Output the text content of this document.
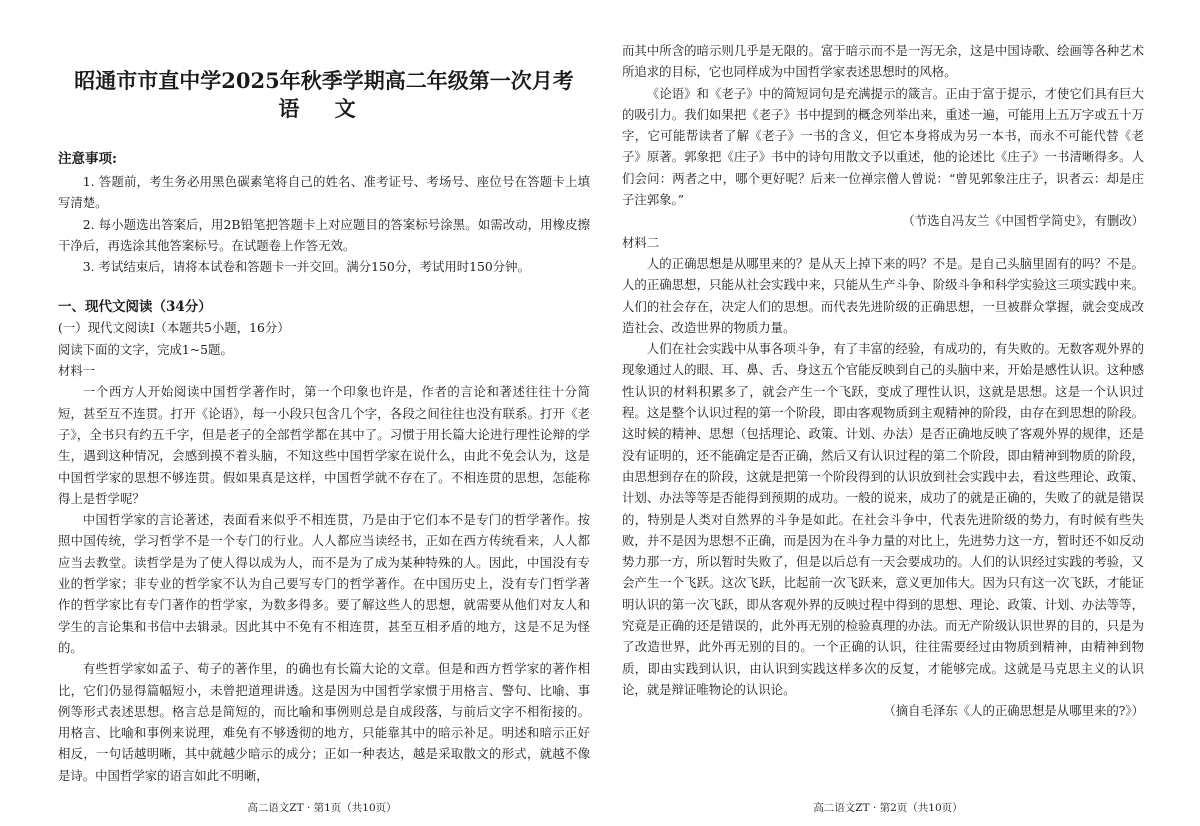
昭通市市直中学2025年秋季学期高二年级第一次月考
语 文
注意事项:

1. 答题前，考生务必用黑色碳素笔将自己的姓名、准考证号、考场号、座位号在答题卡上填写清楚。

2. 每小题选出答案后，用2B铅笔把答题卡上对应题目的答案标号涂黑。如需改动，用橡皮擦干净后，再选涂其他答案标号。在试题卷上作答无效。

3. 考试结束后，请将本试卷和答题卡一并交回。满分150分，考试用时150分钟。

一、现代文阅读（34分）

(一）现代文阅读Ⅰ（本题共5小题，16分）

阅读下面的文字，完成1~5题。

材料一

一个西方人开始阅读中国哲学著作时，第一个印象也许是，作者的言论和著述往往十分简短，甚至互不连贯。打开《论语》，每一小段只包含几个字，各段之间往往也没有联系。打开《老子》，全书只有约五千字，但是老子的全部哲学都在其中了。习惯于用长篇大论进行理性论辩的学生，遇到这种情况，会感到摸不着头脑，不知这些中国哲学家在说什么，由此不免会认为，这是中国哲学家的思想不够连贯。假如果真是这样，中国哲学就不存在了。不相连贯的思想，怎能称得上是哲学呢？

中国哲学家的言论著述，表面看来似乎不相连贯，乃是由于它们本不是专门的哲学著作。按照中国传统，学习哲学不是一个专门的行业。人人都应当读经书，正如在西方传统看来，人人都应当去教堂。读哲学是为了使人得以成为人，而不是为了成为某种特殊的人。因此，中国没有专业的哲学家；非专业的哲学家不认为自己要写专门的哲学著作。在中国历史上，没有专门哲学著作的哲学家比有专门著作的哲学家，为数多得多。要了解这些人的思想，就需要从他们对友人和学生的言论集和书信中去辑录。因此其中不免有不相连贯，甚至互相矛盾的地方，这是不足为怪的。

有些哲学家如孟子、荀子的著作里，的确也有长篇大论的文章。但是和西方哲学家的著作相比，它们仍显得篇幅短小，未曾把道理讲透。这是因为中国哲学家惯于用格言、警句、比喻、事例等形式表述思想。格言总是简短的，而比喻和事例则总是自成段落，与前后文字不相衔接的。用格言、比喻和事例来说理，难免有不够透彻的地方，只能靠其中的暗示补足。明述和暗示正好相反，一句话越明晰，其中就越少暗示的成分；正如一种表达，越是采取散文的形式，就越不像是诗。中国哲学家的语言如此不明晰，

高二语文ZT · 第1页（共10页）

而其中所含的暗示则几乎是无限的。富于暗示而不是一泻无余，这是中国诗歌、绘画等各种艺术所追求的目标，它也同样成为中国哲学家表述思想时的风格。

《论语》和《老子》中的简短词句是充满提示的箴言。正由于富于提示，才使它们具有巨大的吸引力。我们如果把《老子》书中提到的概念列举出来，重述一遍，可能用上五万字或五十万字，它可能帮读者了解《老子》一书的含义，但它本身将成为另一本书，而永不可能代替《老子》原著。郭象把《庄子》书中的诗句用散文予以重述，他的论述比《庄子》一书清晰得多。人们会问：两者之中，哪个更好呢？后来一位禅宗僧人曾说：“曾见郭象注庄子，识者云：却是庄子注郭象。”

（节选自冯友兰《中国哲学简史》，有删改）

材料二

人的正确思想是从哪里来的？是从天上掉下来的吗？不是。是自己头脑里固有的吗？不是。人的正确思想，只能从社会实践中来，只能从生产斗争、阶级斗争和科学实验这三项实践中来。人们的社会存在，决定人们的思想。而代表先进阶级的正确思想，一旦被群众掌握，就会变成改造社会、改造世界的物质力量。

人们在社会实践中从事各项斗争，有了丰富的经验，有成功的，有失败的。无数客观外界的现象通过人的眼、耳、鼻、舌、身这五个官能反映到自己的头脑中来，开始是感性认识。这种感性认识的材料积累多了，就会产生一个飞跃，变成了理性认识，这就是思想。这是一个认识过程。这是整个认识过程的第一个阶段，即由客观物质到主观精神的阶段，由存在到思想的阶段。这时候的精神、思想（包括理论、政策、计划、办法）是否正确地反映了客观外界的规律，还是没有证明的，还不能确定是否正确，然后又有认识过程的第二个阶段，即由精神到物质的阶段，由思想到存在的阶段，这就是把第一个阶段得到的认识放到社会实践中去，看这些理论、政策、计划、办法等等是否能得到预期的成功。一般的说来，成功了的就是正确的，失败了的就是错误的，特别是人类对自然界的斗争是如此。在社会斗争中，代表先进阶级的势力，有时候有些失败，并不是因为思想不正确，而是因为在斗争力量的对比上，先进势力这一方，暂时还不如反动势力那一方，所以暂时失败了，但是以后总有一天会要成功的。人们的认识经过实践的考验，又会产生一个飞跃。这次飞跃，比起前一次飞跃来，意义更加伟大。因为只有这一次飞跃，才能证明认识的第一次飞跃，即从客观外界的反映过程中得到的思想、理论、政策、计划、办法等等，究竟是正确的还是错误的，此外再无别的检验真理的办法。而无产阶级认识世界的目的，只是为了改造世界，此外再无别的目的。一个正确的认识，往往需要经过由物质到精神，由精神到物质，即由实践到认识，由认识到实践这样多次的反复，才能够完成。这就是马克思主义的认识论，就是辩证唯物论的认识论。

（摘自毛泽东《人的正确思想是从哪里来的?》）

高二语文ZT · 第2页（共10页）
